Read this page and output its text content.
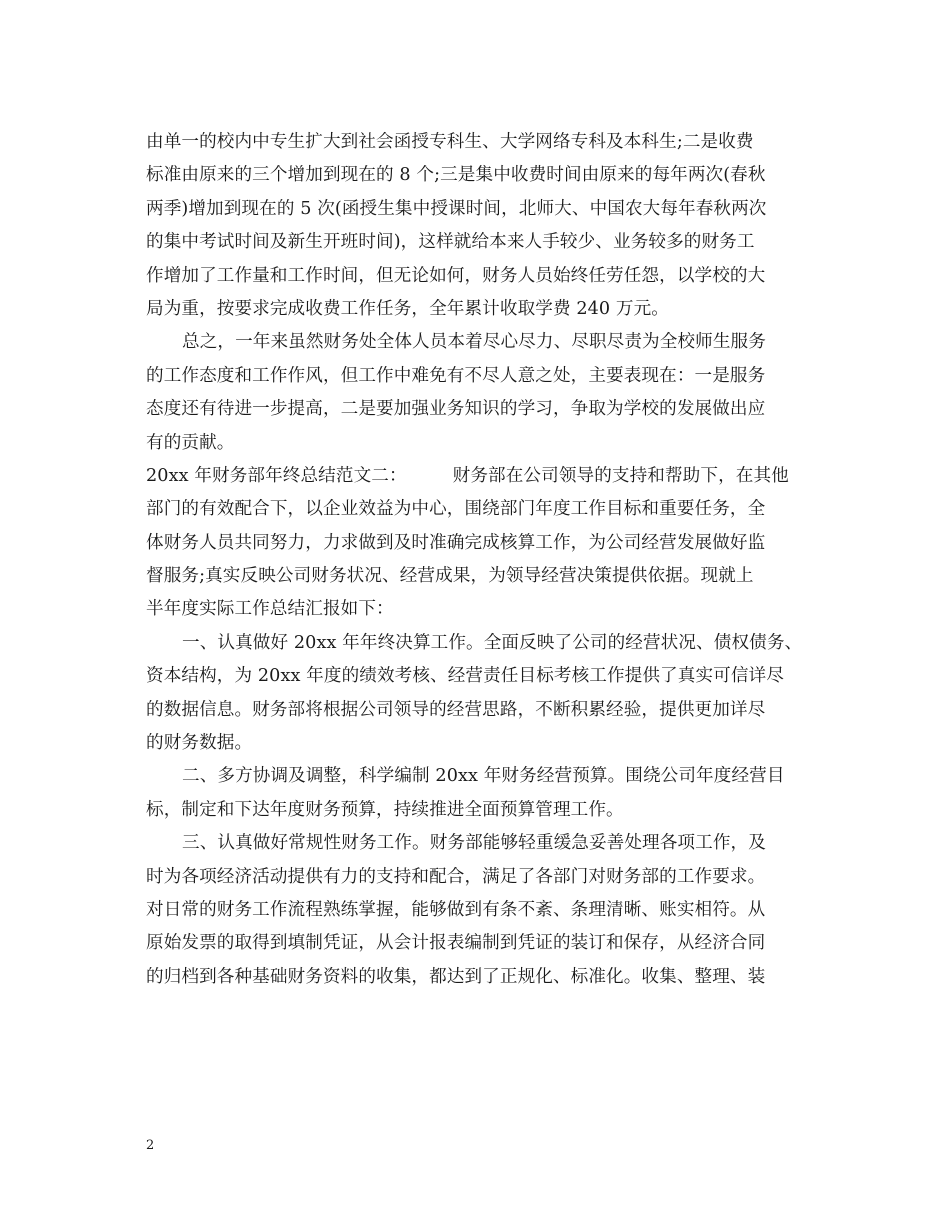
由单一的校内中专生扩大到社会函授专科生、大学网络专科及本科生;二是收费
标准由原来的三个增加到现在的 8 个;三是集中收费时间由原来的每年两次(春秋
两季)增加到现在的 5 次(函授生集中授课时间，北师大、中国农大每年春秋两次
的集中考试时间及新生开班时间)，这样就给本来人手较少、业务较多的财务工
作增加了工作量和工作时间，但无论如何，财务人员始终任劳任怨，以学校的大
局为重，按要求完成收费工作任务，全年累计收取学费 240 万元。
总之，一年来虽然财务处全体人员本着尽心尽力、尽职尽责为全校师生服务
的工作态度和工作作风，但工作中难免有不尽人意之处，主要表现在：一是服务
态度还有待进一步提高，二是要加强业务知识的学习，争取为学校的发展做出应
有的贡献。
20xx 年财务部年终总结范文二：	财务部在公司领导的支持和帮助下，在其他
部门的有效配合下，以企业效益为中心，围绕部门年度工作目标和重要任务，全
体财务人员共同努力，力求做到及时准确完成核算工作，为公司经营发展做好监
督服务;真实反映公司财务状况、经营成果，为领导经营决策提供依据。现就上
半年度实际工作总结汇报如下：
一、认真做好 20xx 年年终决算工作。全面反映了公司的经营状况、债权债务、
资本结构，为 20xx 年度的绩效考核、经营责任目标考核工作提供了真实可信详尽
的数据信息。财务部将根据公司领导的经营思路，不断积累经验，提供更加详尽
的财务数据。
二、多方协调及调整，科学编制 20xx 年财务经营预算。围绕公司年度经营目
标，制定和下达年度财务预算，持续推进全面预算管理工作。
三、认真做好常规性财务工作。财务部能够轻重缓急妥善处理各项工作，及
时为各项经济活动提供有力的支持和配合，满足了各部门对财务部的工作要求。
对日常的财务工作流程熟练掌握，能够做到有条不紊、条理清晰、账实相符。从
原始发票的取得到填制凭证，从会计报表编制到凭证的装订和保存，从经济合同
的归档到各种基础财务资料的收集，都达到了正规化、标准化。收集、整理、装
2
